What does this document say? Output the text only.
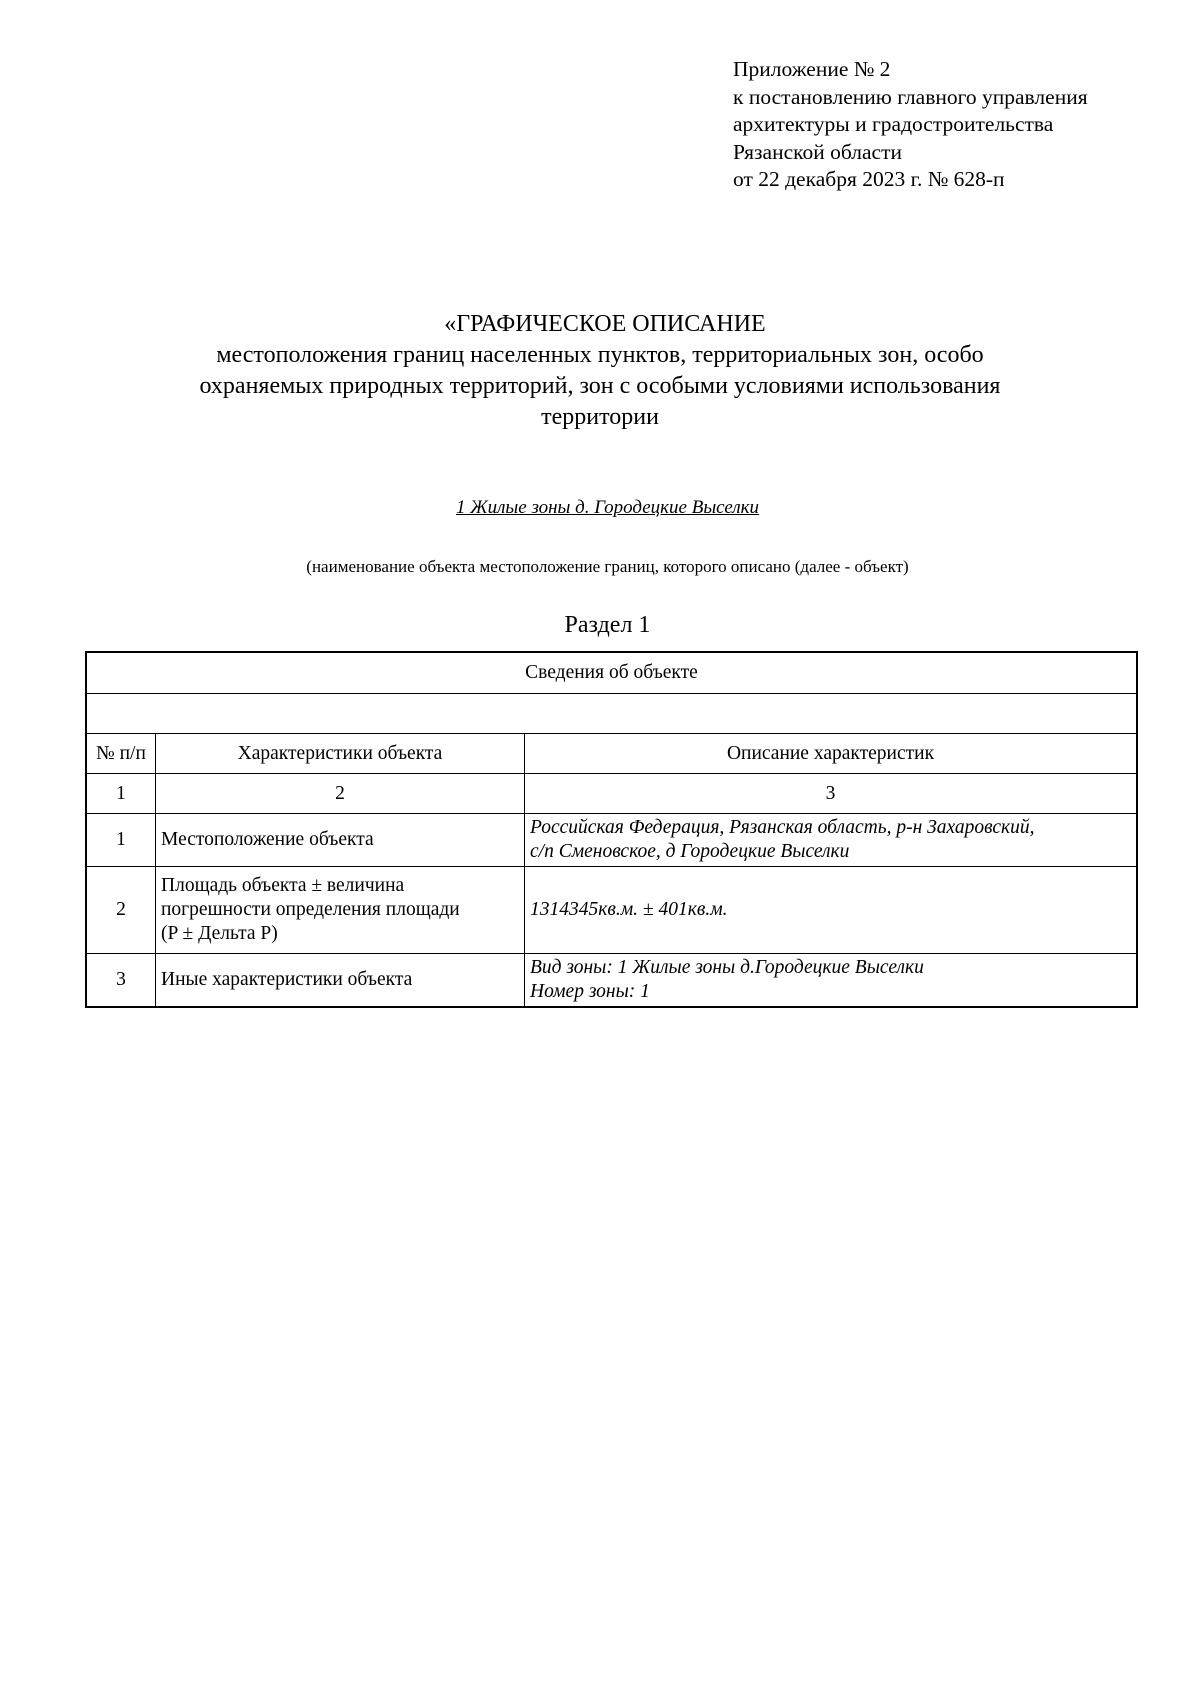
Приложение № 2
к постановлению главного управления
архитектуры и градостроительства
Рязанской области
от 22 декабря 2023 г. № 628-п
«ГРАФИЧЕСКОЕ ОПИСАНИЕ
местоположения границ населенных пунктов, территориальных зон, особо
охраняемых природных территорий, зон с особыми условиями использования
территории
1 Жилые зоны д. Городецкие Выселки
(наименование объекта местоположение границ, которого описано (далее - объект)
Раздел 1
Сведения об объекте		

№ п/п	Характеристики объекта	Описание характеристик
1	2	3
1	Местоположение объекта	Российская Федерация, Рязанская область, р-н Захаровский,
с/п Сменовское, д Городецкие Выселки

2	Площадь объекта ± величина
погрешности определения площади
(P ± Дельта P)	1314345кв.м. ± 401кв.м.
3	Иные характеристики объекта	Вид зоны: 1 Жилые зоны д.Городецкие Выселки
Номер зоны: 1
